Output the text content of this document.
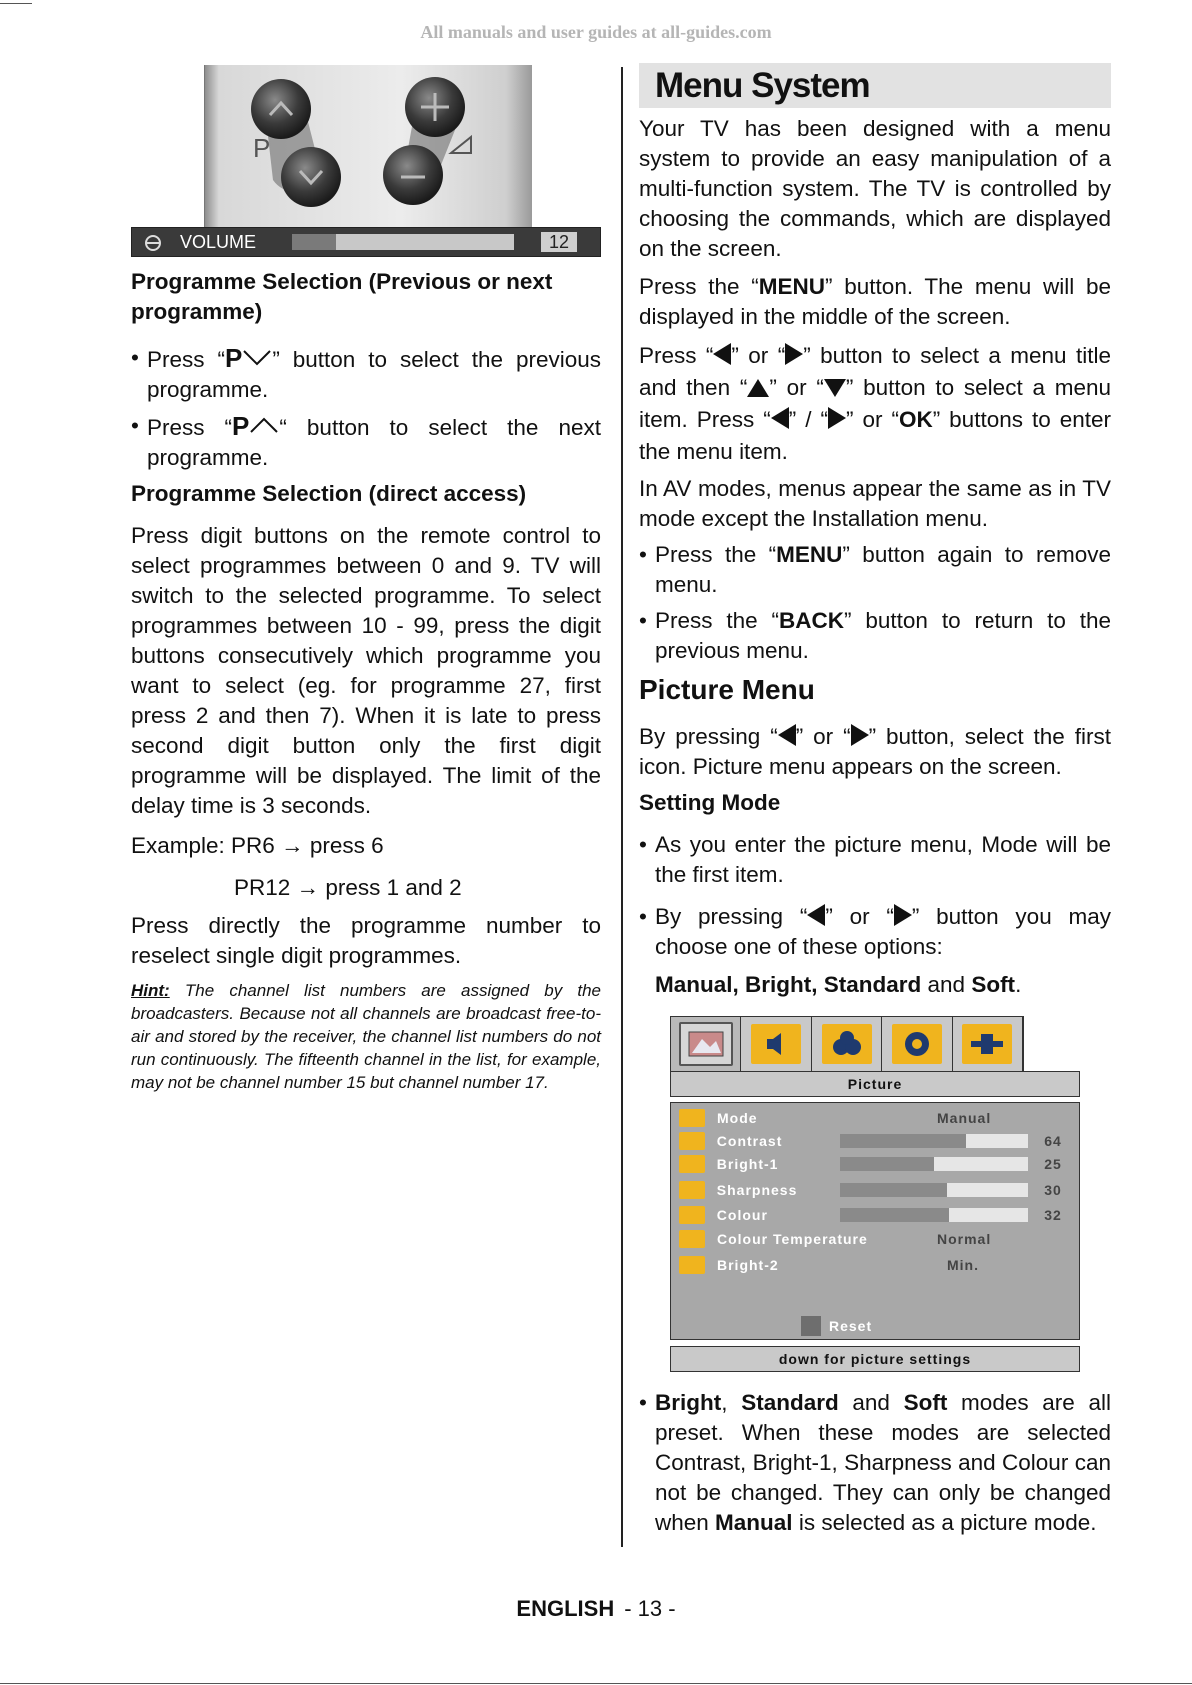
All manuals and user guides at all-guides.com
P
VOLUME	12

Programme Selection (Previous or next programme)

• Press “P ” button to select the previous programme.

• Press “P “ button to select the next programme.

Programme Selection (direct access)

Press digit buttons on the remote control to select programmes between 0 and 9. TV will switch to the selected programme. To select programmes between 10 - 99, press the digit buttons consecutively which programme you want to select (eg. for programme 27, first press 2 and then 7). When it is late to press second digit button only the first digit programme will be displayed. The limit of the delay time is 3 seconds.

Example: PR6 → press 6

PR12 → press 1 and 2

Press directly the programme number to reselect single digit programmes.

Hint: The channel list numbers are assigned by the broadcasters. Because not all channels are broadcast free-to-air and stored by the receiver, the channel list numbers do not run continuously. The fifteenth channel in the list, for example, may not be channel number 15 but channel number 17.

Menu System

Your TV has been designed with a menu system to provide an easy manipulation of a multi-function system. The TV is controlled by choosing the commands, which are displayed on the screen.

Press the “MENU” button. The menu will be displayed in the middle of the screen.

Press “ ” or “ ” button to select a menu title and then “ ” or “ ” button to select a menu item. Press “ ” / “ ” or “OK” buttons to enter the menu item.

In AV modes, menus appear the same as in TV mode except the Installation menu.

• Press the “MENU” button again to remove menu.

• Press the “BACK” button to return to the previous menu.

Picture Menu

By pressing “ ” or “ ” button, select the first icon. Picture menu appears on the screen.

Setting Mode

• As you enter the picture menu, Mode will be the first item.

• By pressing “ ” or “ ” button you may choose one of these options:

Manual, Bright, Standard and Soft.

Picture
Mode	Manual
Contrast	64
Bright-1	25
Sharpness	30
Colour	32
Colour Temperature	Normal
Bright-2	Min.
Reset
down for picture settings

• Bright, Standard and Soft modes are all preset. When these modes are selected Contrast, Bright-1, Sharpness and Colour can not be changed. They can only be changed when Manual is selected as a picture mode.

ENGLISH - 13 -
